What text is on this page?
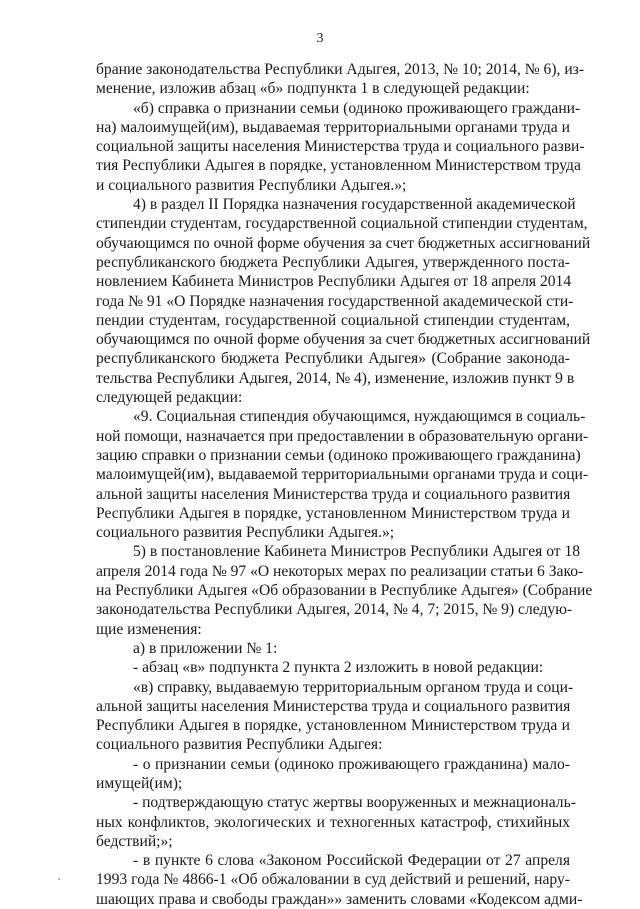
3
брание законодательства Республики Адыгея, 2013, № 10; 2014, № 6), из-
менение, изложив абзац «б» подпункта 1 в следующей редакции:
«б) справка о признании семьи (одиноко проживающего граждани-
на) малоимущей(им), выдаваемая территориальными органами труда и
социальной защиты населения Министерства труда и социального разви-
тия Республики Адыгея в порядке, установленном Министерством труда
и социального развития Республики Адыгея.»;
4) в раздел II Порядка назначения государственной академической
стипендии студентам, государственной социальной стипендии студентам,
обучающимся по очной форме обучения за счет бюджетных ассигнований
республиканского бюджета Республики Адыгея, утвержденного поста-
новлением Кабинета Министров Республики Адыгея от 18 апреля 2014
года № 91 «О Порядке назначения государственной академической сти-
пендии студентам, государственной социальной стипендии студентам,
обучающимся по очной форме обучения за счет бюджетных ассигнований
республиканского бюджета Республики Адыгея» (Собрание законода-
тельства Республики Адыгея, 2014, № 4), изменение, изложив пункт 9 в
следующей редакции:
«9. Социальная стипендия обучающимся, нуждающимся в социаль-
ной помощи, назначается при предоставлении в образовательную органи-
зацию справки о признании семьи (одиноко проживающего гражданина)
малоимущей(им), выдаваемой территориальными органами труда и соци-
альной защиты населения Министерства труда и социального развития
Республики Адыгея в порядке, установленном Министерством труда и
социального развития Республики Адыгея.»;
5) в постановление Кабинета Министров Республики Адыгея от 18
апреля 2014 года № 97 «О некоторых мерах по реализации статьи 6 Зако-
на Республики Адыгея «Об образовании в Республике Адыгея» (Собрание
законодательства Республики Адыгея, 2014, № 4, 7; 2015, № 9) следую-
щие изменения:
а) в приложении № 1:
- абзац «в» подпункта 2 пункта 2 изложить в новой редакции:
«в) справку, выдаваемую территориальным органом труда и соци-
альной защиты населения Министерства труда и социального развития
Республики Адыгея в порядке, установленном Министерством труда и
социального развития Республики Адыгея:
- о признании семьи (одиноко проживающего гражданина) мало-
имущей(им);
- подтверждающую статус жертвы вооруженных и межнациональ-
ных конфликтов, экологических и техногенных катастроф, стихийных
бедствий;»;
- в пункте 6 слова «Законом Российской Федерации от 27 апреля
1993 года № 4866-1 «Об обжаловании в суд действий и решений, нару-
шающих права и свободы граждан»» заменить словами «Кодексом адми-
